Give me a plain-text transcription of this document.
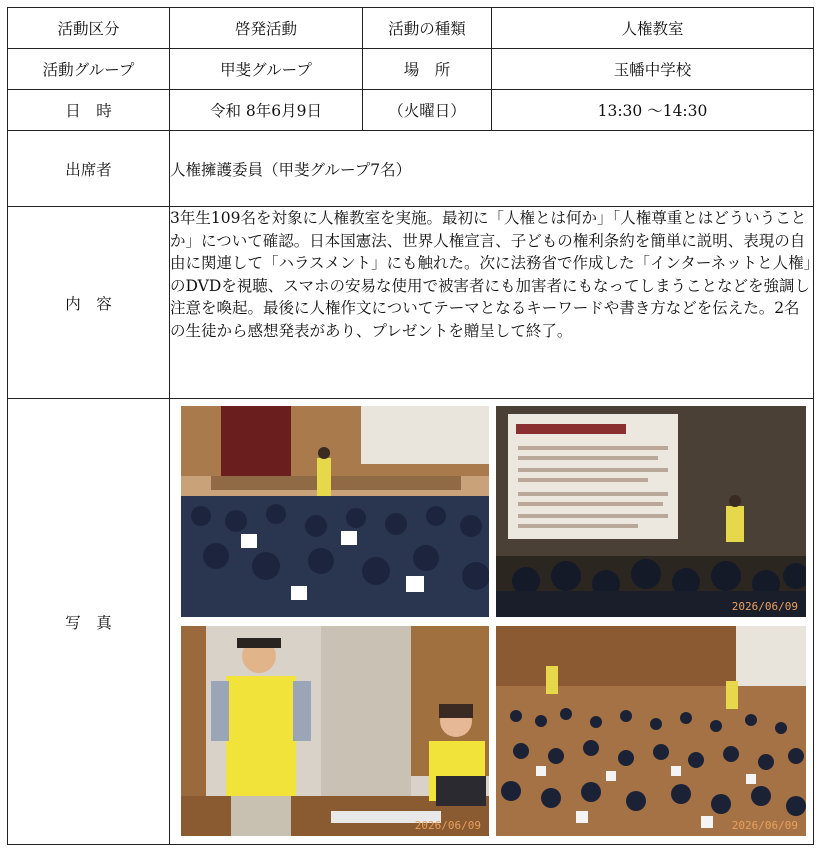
活動区分	啓発活動	活動の種類	人権教室
活動グループ	甲斐グループ	場　所	玉幡中学校
日　時	令和 8年6月9日	（火曜日）	13:30 ～14:30
出席者	人権擁護委員（甲斐グループ7名）		
内　容	3年生109名を対象に人権教室を実施。最初に「人権とは何か」「人権尊重とはどういうことか」について確認。日本国憲法、世界人権宣言、子どもの権利条約を簡単に説明、表現の自由に関連して「ハラスメント」にも触れた。次に法務省で作成した「インターネットと人権」のDVDを視聴、スマホの安易な使用で被害者にも加害者にもなってしまうことなどを強調し注意を喚起。最後に人権作文についてテーマとなるキーワードや書き方などを伝えた。2名の生徒から感想発表があり、プレゼントを贈呈して終了。		
写　真	2026/06/09
2026/06/09 2026/06/09		
